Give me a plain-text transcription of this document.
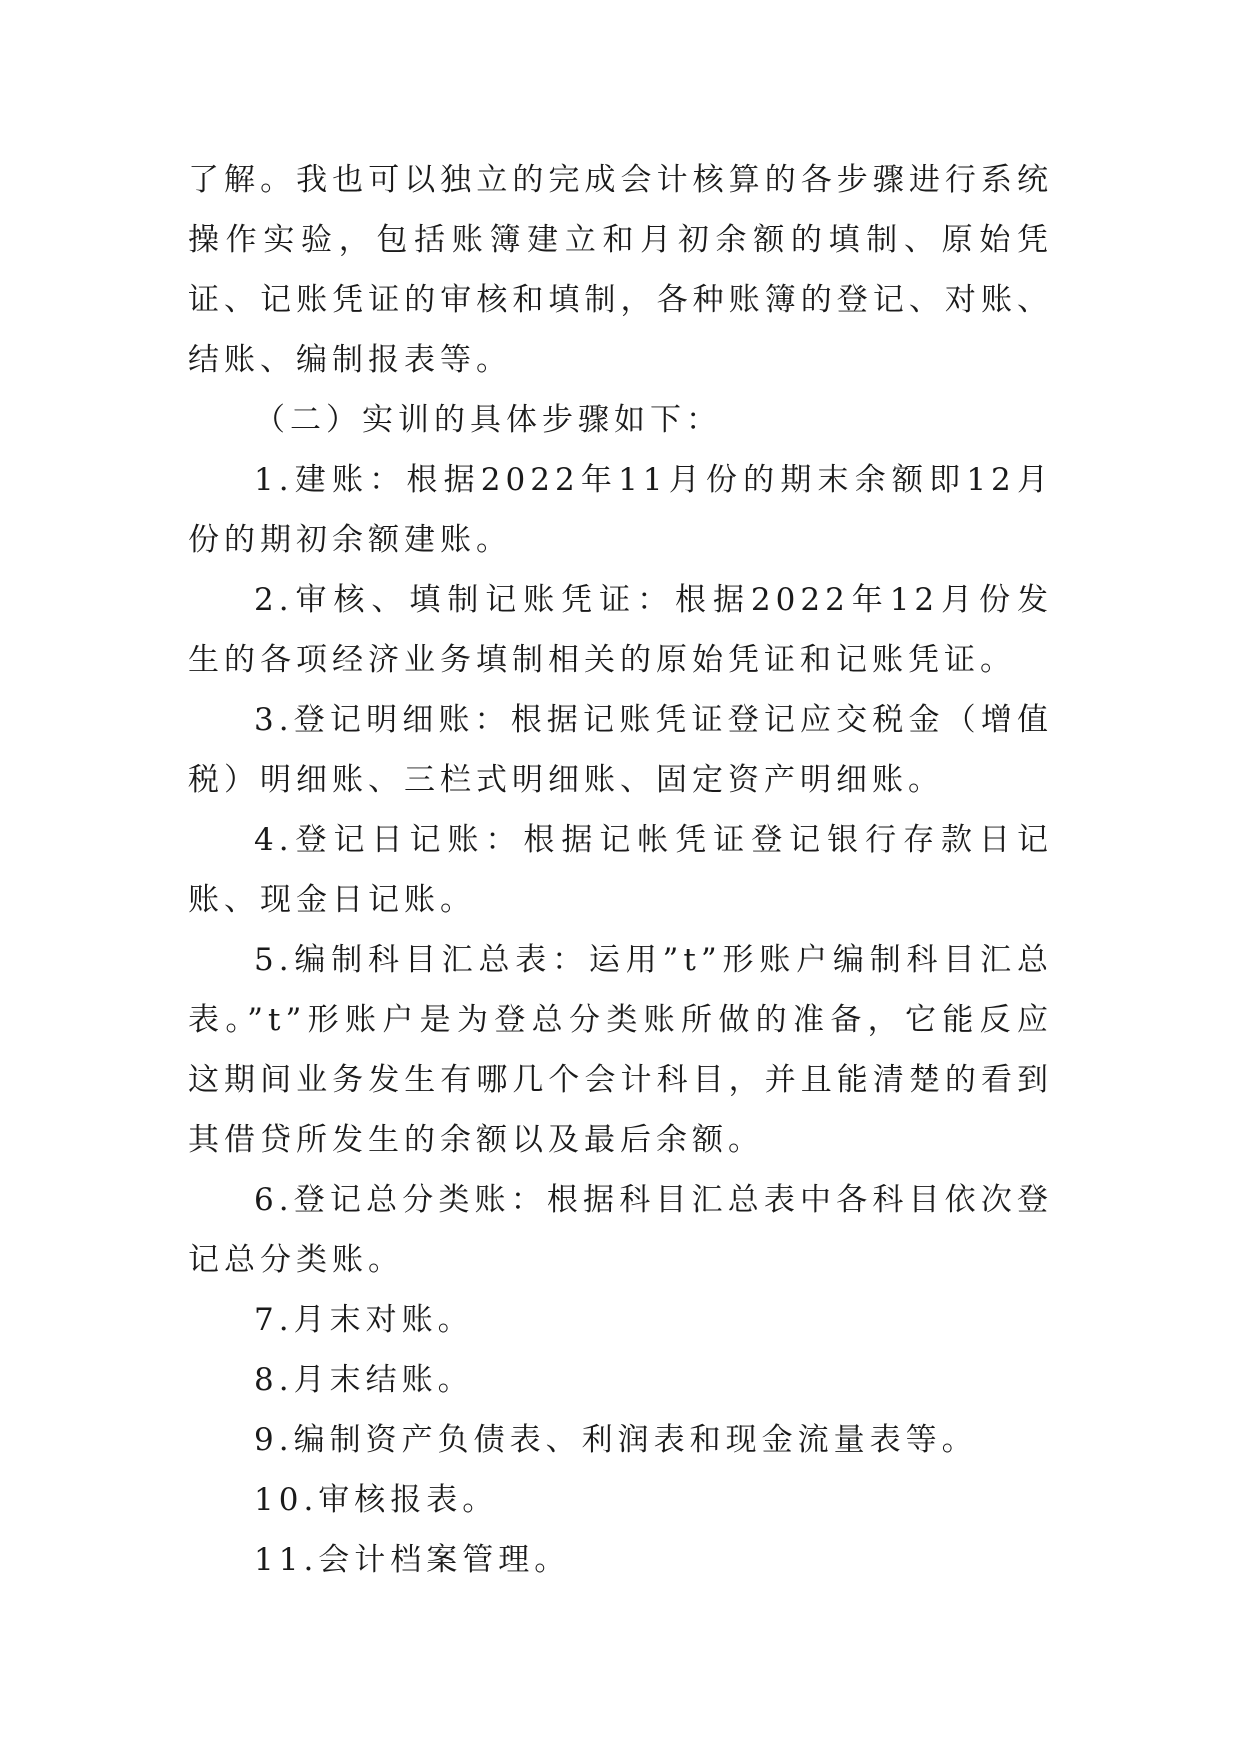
了解。我也可以独立的完成会计核算的各步骤进行系统操作实验，包括账簿建立和月初余额的填制、原始凭证、记账凭证的审核和填制，各种账簿的登记、对账、结账、编制报表等。

（二）实训的具体步骤如下：

1.建账：根据2022年11月份的期末余额即12月份的期初余额建账。

2.审核、填制记账凭证：根据2022年12月份发生的各项经济业务填制相关的原始凭证和记账凭证。

3.登记明细账：根据记账凭证登记应交税金（增值税）明细账、三栏式明细账、固定资产明细账。

4.登记日记账：根据记帐凭证登记银行存款日记账、现金日记账。

5.编制科目汇总表：运用”t”形账户编制科目汇总表。”t”形账户是为登总分类账所做的准备，它能反应这期间业务发生有哪几个会计科目，并且能清楚的看到其借贷所发生的余额以及最后余额。

6.登记总分类账：根据科目汇总表中各科目依次登记总分类账。

7.月末对账。

8.月末结账。

9.编制资产负债表、利润表和现金流量表等。

10.审核报表。

11.会计档案管理。
